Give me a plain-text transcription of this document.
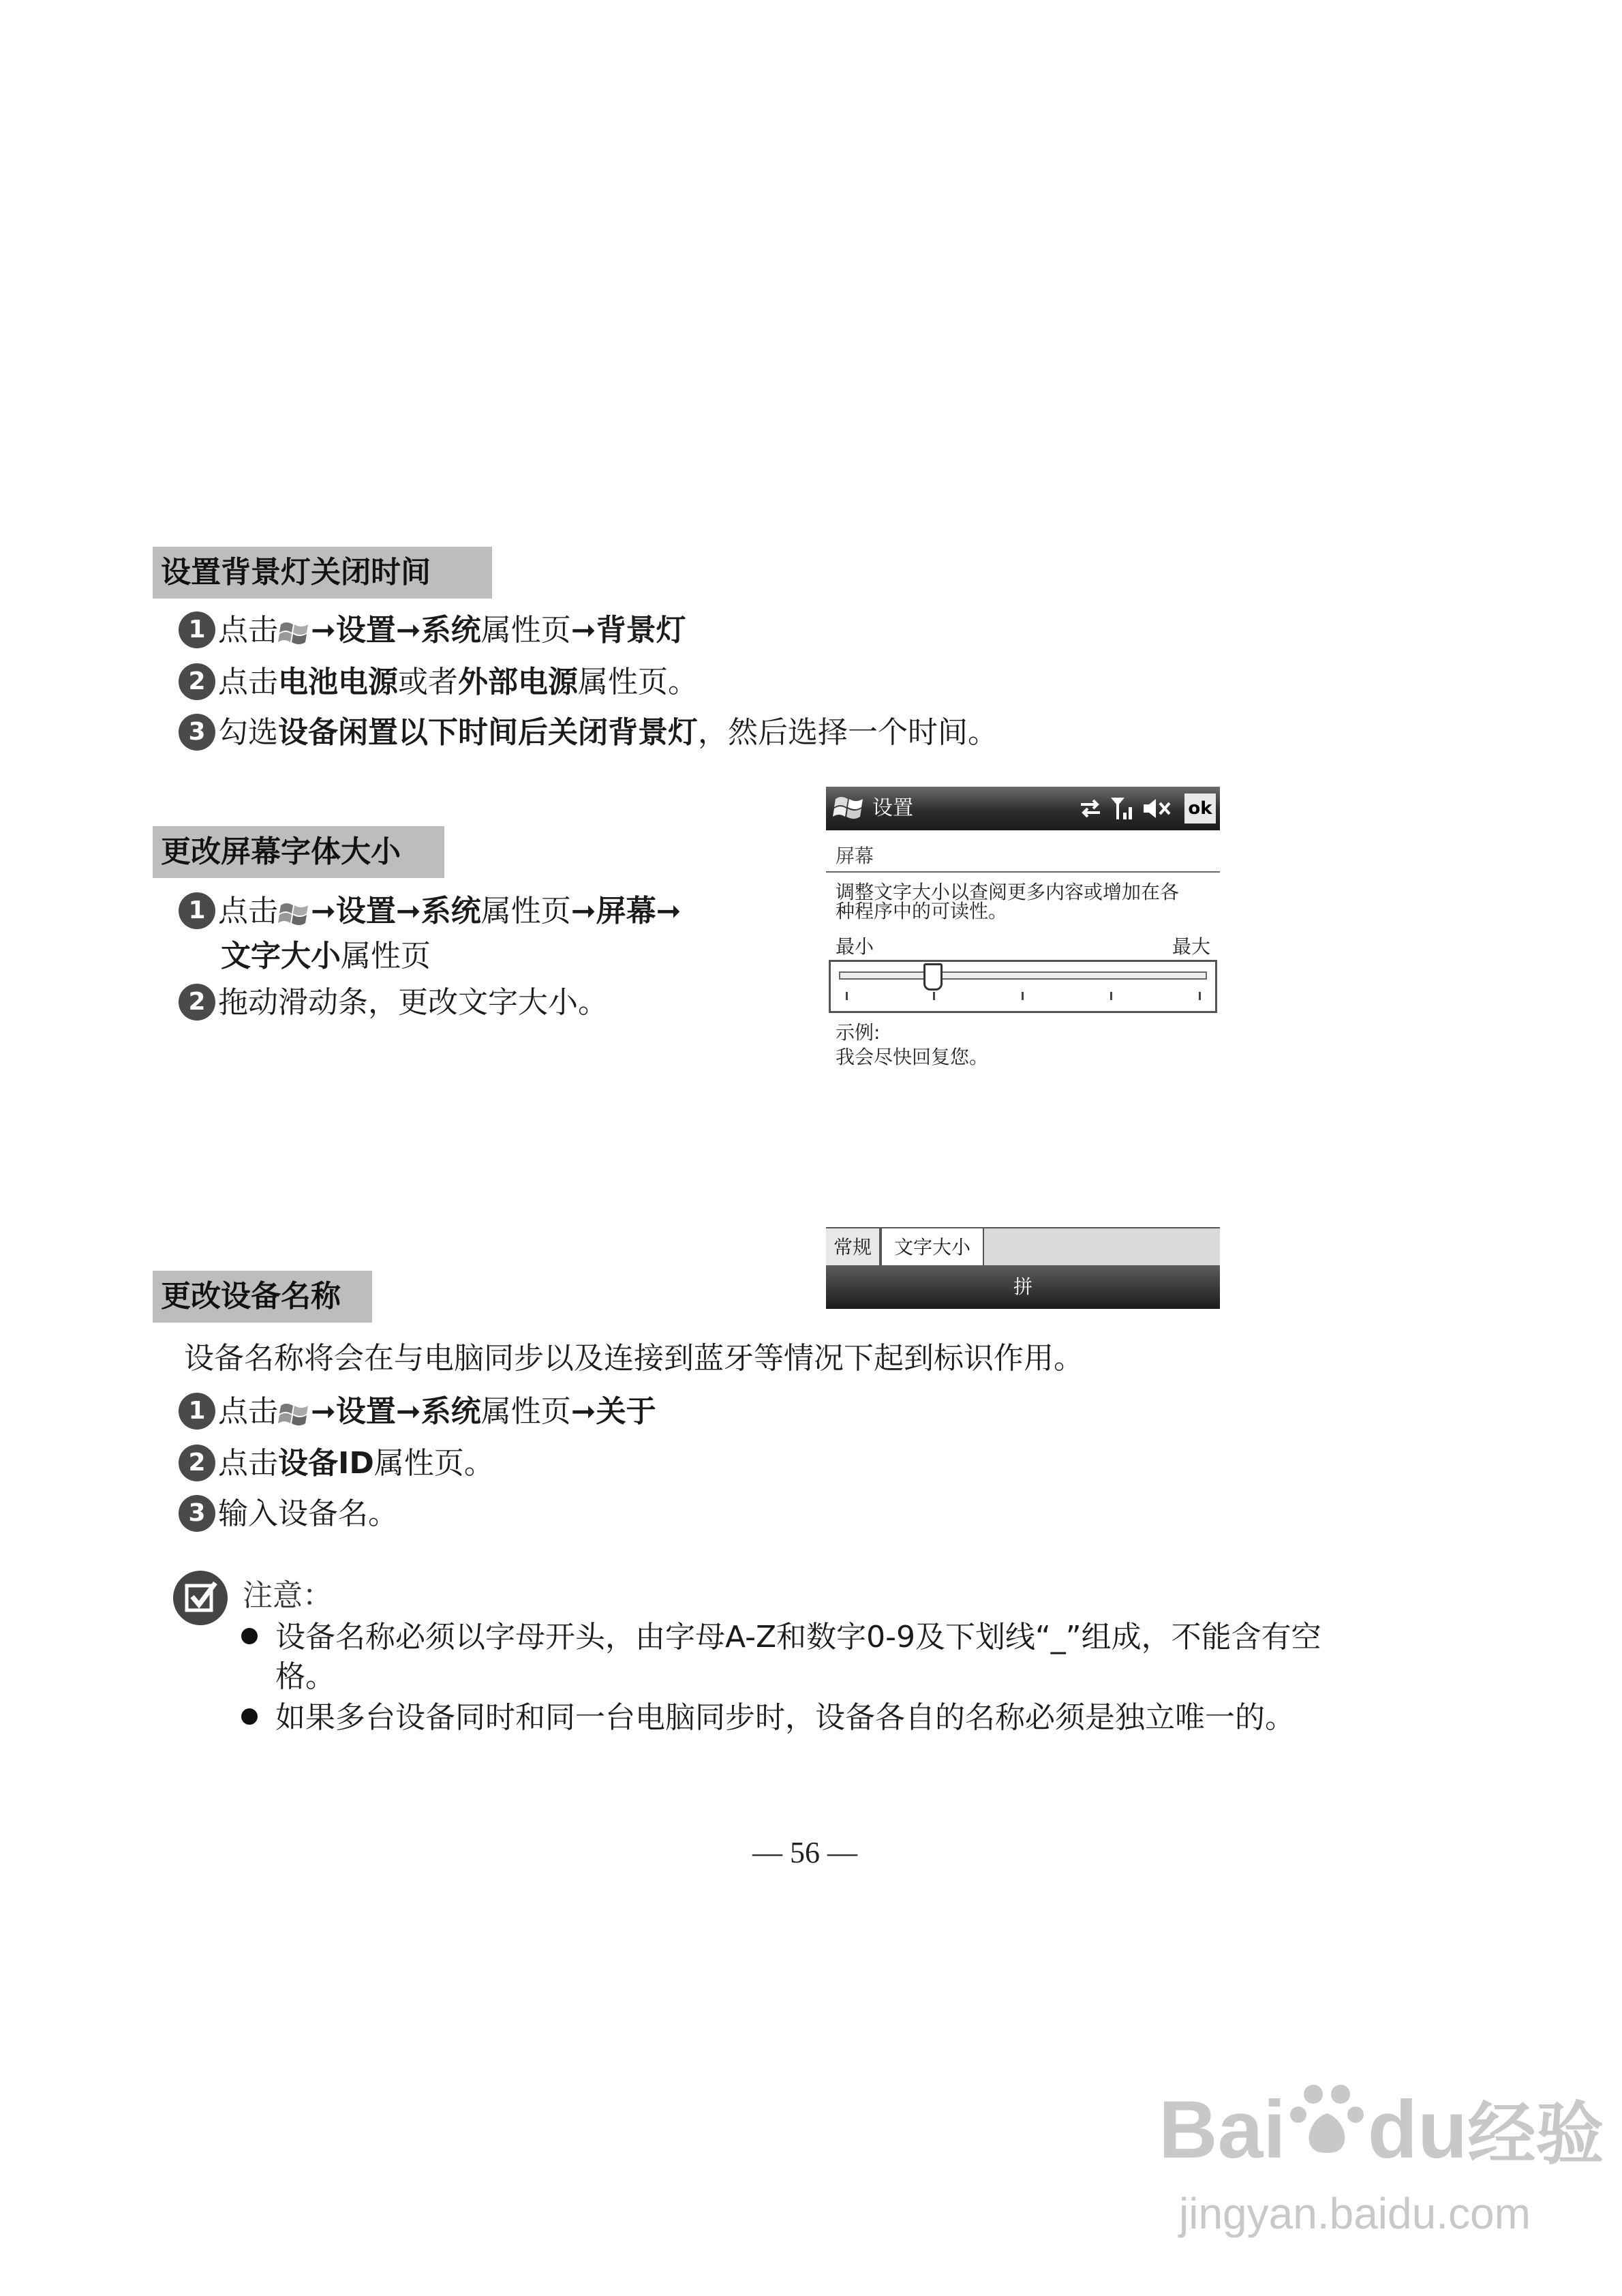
设置背景灯关闭时间
1 点击 ➞设置➞系统属性页➞背景灯
2 点击电池电源或者外部电源属性页。
3 勾选设备闲置以下时间后关闭背景灯，然后选择一个时间。
更改屏幕字体大小
1 点击 ➞设置➞系统属性页➞屏幕➞
文字大小属性页
2 拖动滑动条，更改文字大小。
设置	ok
屏幕
调整文字大小以查阅更多内容或增加在各
种程序中的可读性。
最小	最大
示例:
我会尽快回复您。
常规	文字大小
拼
更改设备名称
设备名称将会在与电脑同步以及连接到蓝牙等情况下起到标识作用。
1 点击 ➞设置➞系统属性页➞关于
2 点击设备ID属性页。
3 输入设备名。
注意：
设备名称必须以字母开头，由字母A-Z和数字0-9及下划线“_”组成，不能含有空
格。
如果多台设备同时和同一台电脑同步时，设备各自的名称必须是独立唯一的。
— 56 —
Bai du经验
jingyan.baidu.com
